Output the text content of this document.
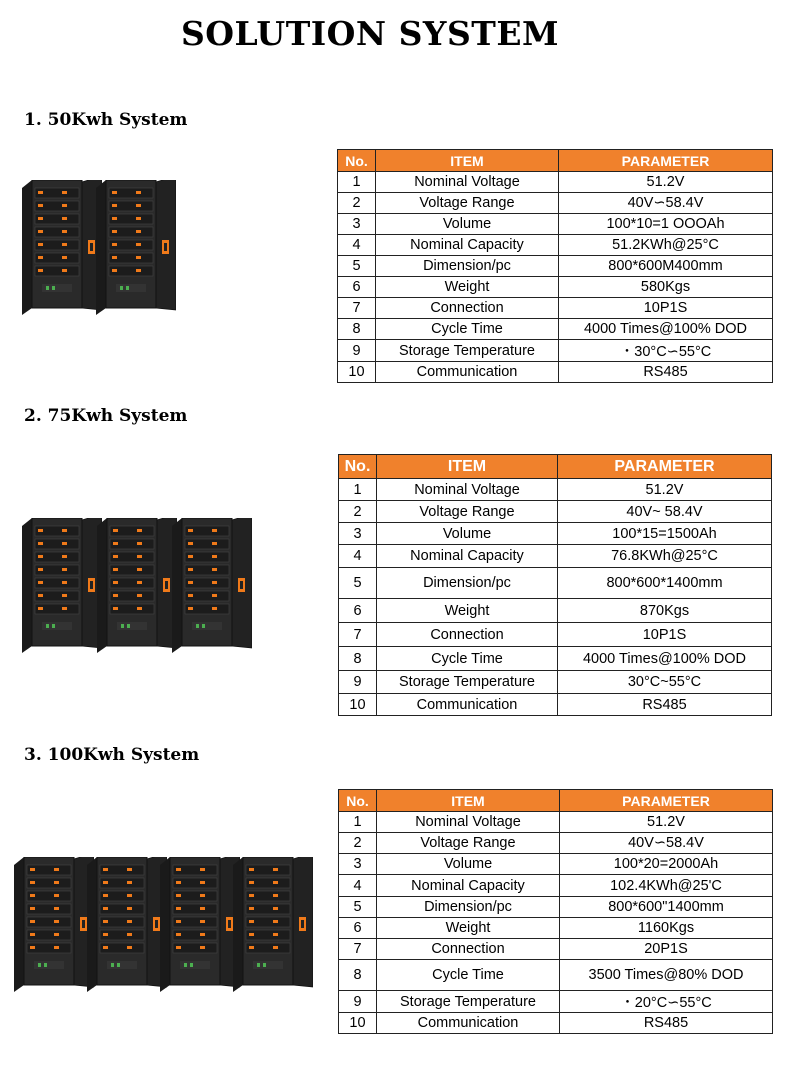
SOLUTION SYSTEM
1. 50Kwh System
No.	ITEM	PARAMETER
1	Nominal Voltage	51.2V
2	Voltage Range	40V∽58.4V
3	Volume	100*10=1 OOOAh
4	Nominal Capacity	51.2KWh@25°C
5	Dimension/pc	800*600M400mm
6	Weight	580Kgs
7	Connection	10P1S
8	Cycle Time	4000 Times@100% DOD
9	Storage Temperature	・30°C∽55°C
10	Communication	RS485
2. 75Kwh System
No.	ITEM	PARAMETER
1	Nominal Voltage	51.2V
2	Voltage Range	40V~ 58.4V
3	Volume	100*15=1500Ah
4	Nominal Capacity	76.8KWh@25°C
5	Dimension/pc	800*600*1400mm
6	Weight	870Kgs
7	Connection	10P1S
8	Cycle Time	4000 Times@100% DOD
9	Storage Temperature	30°C~55°C
10	Communication	RS485
3. 100Kwh System
No.	ITEM	PARAMETER
1	Nominal Voltage	51.2V
2	Voltage Range	40V∽58.4V
3	Volume	100*20=2000Ah
4	Nominal Capacity	102.4KWh@25'C
5	Dimension/pc	800*600"1400mm
6	Weight	1160Kgs
7	Connection	20P1S
8	Cycle Time	3500 Times@80% DOD
9	Storage Temperature	・20°C∽55°C
10	Communication	RS485
